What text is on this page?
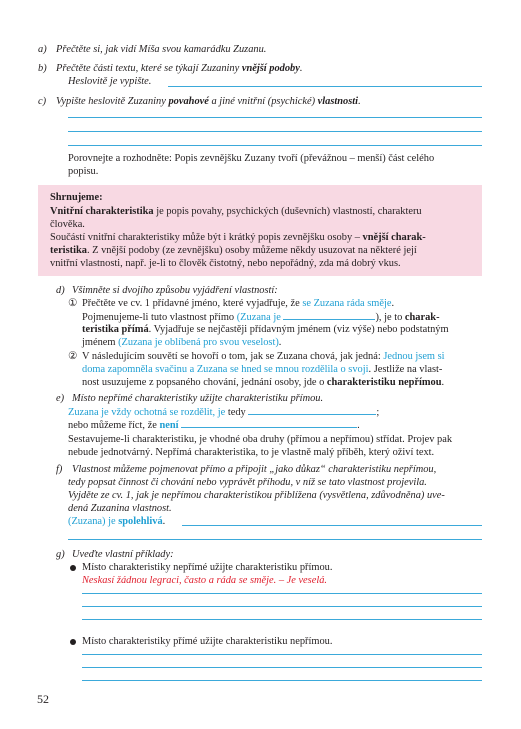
a) Přečtěte si, jak vidí Míša svou kamarádku Zuzanu.
b) Přečtěte části textu, které se týkají Zuzaniny vnější podoby.
Heslovitě je vypište.
c) Vypište heslovitě Zuzaniny povahové a jiné vnitřní (psychické) vlastnosti.
Porovnejte a rozhodněte: Popis zevnějšku Zuzany tvoří (převážnou – menší) část celého
popisu.
Shrnujeme:
Vnitřní charakteristika je popis povahy, psychických (duševních) vlastností, charakteru
člověka.
Součástí vnitřní charakteristiky může být i krátký popis zevnějšku osoby – vnější charak-
teristika. Z vnější podoby (ze zevnějšku) osoby můžeme někdy usuzovat na některé její
vnitřní vlastnosti, např. je-li to člověk čistotný, nebo nepořádný, zda má dobrý vkus.
d) Všimněte si dvojího způsobu vyjádření vlastností:
① Přečtěte ve cv. 1 přídavné jméno, které vyjadřuje, že se Zuzana ráda směje.
Pojmenujeme-li tuto vlastnost přímo (Zuzana je	), je to charak-
teristika přímá. Vyjadřuje se nejčastěji přídavným jménem (viz výše) nebo podstatným
jménem (Zuzana je oblíbená pro svou veselost).
② V následujícím souvětí se hovoří o tom, jak se Zuzana chová, jak jedná: Jednou jsem si
doma zapomněla svačinu a Zuzana se hned se mnou rozdělila o svoji. Jestliže na vlast-
nost usuzujeme z popsaného chování, jednání osoby, jde o charakteristiku nepřímou.
e) Místo nepřímé charakteristiky užijte charakteristiku přímou.
Zuzana je vždy ochotná se rozdělit, je tedy	;
nebo můžeme říct, že není	.
Sestavujeme-li charakteristiku, je vhodné oba druhy (přímou a nepřímou) střídat. Projev pak
nebude jednotvárný. Nepřímá charakteristika, to je vlastně malý příběh, který oživí text.
f) Vlastnost můžeme pojmenovat přímo a připojit „jako důkaz“ charakteristiku nepřímou,
tedy popsat činnost či chování nebo vyprávět příhodu, v níž se tato vlastnost projevila.
Vyjděte ze cv. 1, jak je nepřímou charakteristikou přiblížena (vysvětlena, zdůvodněna) uve-
dená Zuzanina vlastnost.
(Zuzana) je spolehlivá.
g) Uveďte vlastní příklady:
Místo charakteristiky nepřímé užijte charakteristiku přímou.
Neskasí žádnou legraci, často a ráda se směje. – Je veselá.
Místo charakteristiky přímé užijte charakteristiku nepřímou.
52
